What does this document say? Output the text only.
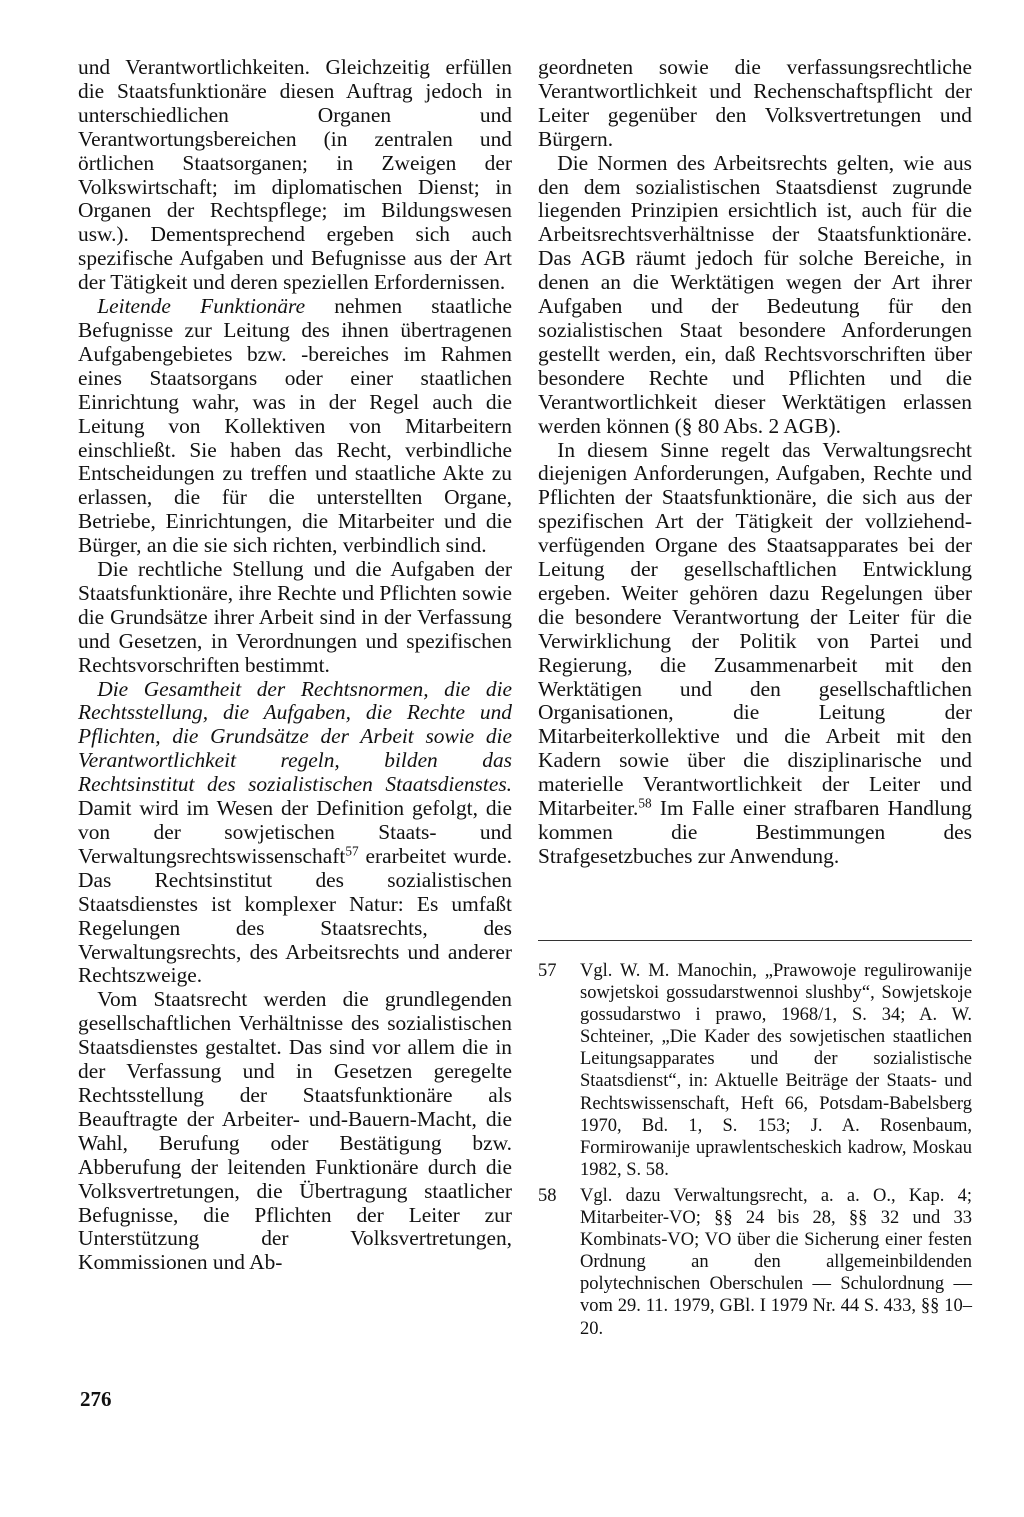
und Verantwortlichkeiten. Gleichzeitig erfüllen die Staatsfunktionäre diesen Auftrag jedoch in unterschiedlichen Organen und Verantwortungsbereichen (in zentralen und örtlichen Staatsorganen; in Zweigen der Volkswirtschaft; im diplomatischen Dienst; in Organen der Rechtspflege; im Bildungswesen usw.). Dementsprechend ergeben sich auch spezifische Aufgaben und Befugnisse aus der Art der Tätigkeit und deren speziellen Erfordernissen.

Leitende Funktionäre nehmen staatliche Befugnisse zur Leitung des ihnen übertragenen Aufgabengebietes bzw. -bereiches im Rahmen eines Staatsorgans oder einer staatlichen Einrichtung wahr, was in der Regel auch die Leitung von Kollektiven von Mitarbeitern einschließt. Sie haben das Recht, verbindliche Entscheidungen zu treffen und staatliche Akte zu erlassen, die für die unterstellten Organe, Betriebe, Einrichtungen, die Mitarbeiter und die Bürger, an die sie sich richten, verbindlich sind.

Die rechtliche Stellung und die Aufgaben der Staatsfunktionäre, ihre Rechte und Pflichten sowie die Grundsätze ihrer Arbeit sind in der Verfassung und Gesetzen, in Verordnungen und spezifischen Rechtsvorschriften bestimmt.

Die Gesamtheit der Rechtsnormen, die die Rechtsstellung, die Aufgaben, die Rechte und Pflichten, die Grundsätze der Arbeit sowie die Verantwortlichkeit regeln, bilden das Rechtsinstitut des sozialistischen Staatsdienstes. Damit wird im Wesen der Definition gefolgt, die von der sowjetischen Staats- und Verwaltungsrechtswissenschaft$^{57}$ erarbeitet wurde. Das Rechtsinstitut des sozialistischen Staatsdienstes ist komplexer Natur: Es umfaßt Regelungen des Staatsrechts, des Verwaltungsrechts, des Arbeitsrechts und anderer Rechtszweige.

Vom Staatsrecht werden die grundlegenden gesellschaftlichen Verhältnisse des sozialistischen Staatsdienstes gestaltet. Das sind vor allem die in der Verfassung und in Gesetzen geregelte Rechtsstellung der Staatsfunktionäre als Beauftragte der Arbeiter- und-Bauern-Macht, die Wahl, Berufung oder Bestätigung bzw. Abberufung der leitenden Funktionäre durch die Volksvertretungen, die Übertragung staatlicher Befugnisse, die Pflichten der Leiter zur Unterstützung der Volksvertretungen, Kommissionen und Ab-

geordneten sowie die verfassungsrechtliche Verantwortlichkeit und Rechenschaftspflicht der Leiter gegenüber den Volksvertretungen und Bürgern.

Die Normen des Arbeitsrechts gelten, wie aus den dem sozialistischen Staatsdienst zugrunde liegenden Prinzipien ersichtlich ist, auch für die Arbeitsrechtsverhältnisse der Staatsfunktionäre. Das AGB räumt jedoch für solche Bereiche, in denen an die Werktätigen wegen der Art ihrer Aufgaben und der Bedeutung für den sozialistischen Staat besondere Anforderungen gestellt werden, ein, daß Rechtsvorschriften über besondere Rechte und Pflichten und die Verantwortlichkeit dieser Werktätigen erlassen werden können (§ 80 Abs. 2 AGB).

In diesem Sinne regelt das Verwaltungsrecht diejenigen Anforderungen, Aufgaben, Rechte und Pflichten der Staatsfunktionäre, die sich aus der spezifischen Art der Tätigkeit der vollziehend-verfügenden Organe des Staatsapparates bei der Leitung der gesellschaftlichen Entwicklung ergeben. Weiter gehören dazu Regelungen über die besondere Verantwortung der Leiter für die Verwirklichung der Politik von Partei und Regierung, die Zusammenarbeit mit den Werktätigen und den gesellschaftlichen Organisationen, die Leitung der Mitarbeiterkollektive und die Arbeit mit den Kadern sowie über die disziplinarische und materielle Verantwortlichkeit der Leiter und Mitarbeiter.$^{58}$ Im Falle einer strafbaren Handlung kommen die Bestimmungen des Strafgesetzbuches zur Anwendung.

57	Vgl. W. M. Manochin, „Prawowoje regulirowanije sowjetskoi gossudarstwennoi slushby“, Sowjetskoje gossudarstwo i prawo, 1968/1, S. 34; A. W. Schteiner, „Die Kader des sowjetischen staatlichen Leitungsapparates und der sozialistische Staatsdienst“, in: Aktuelle Beiträge der Staats- und Rechtswissenschaft, Heft 66, Potsdam-Babelsberg 1970, Bd. 1, S. 153; J. A. Rosenbaum, Formirowanije uprawlentscheskich kadrow, Moskau 1982, S. 58.
58	Vgl. dazu Verwaltungsrecht, a. a. O., Kap. 4; Mitarbeiter-VO; §§ 24 bis 28, §§ 32 und 33 Kombinats-VO; VO über die Sicherung einer festen Ordnung an den allgemeinbildenden polytechnischen Oberschulen — Schulordnung — vom 29. 11. 1979, GBl. I 1979 Nr. 44 S. 433, §§ 10–20.
276
